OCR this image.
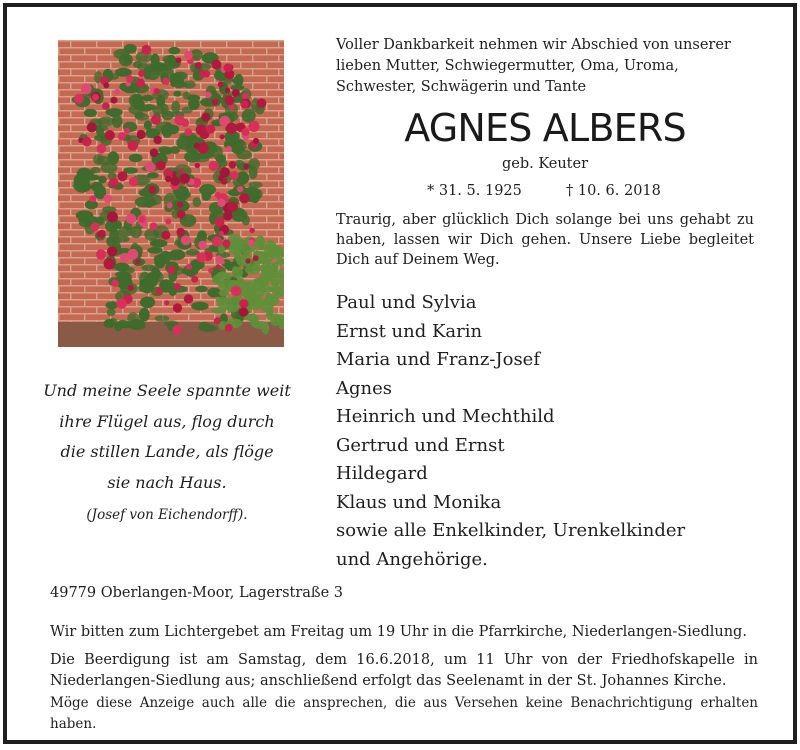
Und meine Seele spannte weit
ihre Flügel aus, flog durch
die stillen Lande, als flöge
sie nach Haus.
(Josef von Eichendorff).
Voller Dankbarkeit nehmen wir Abschied von unserer lieben Mutter, Schwiegermutter, Oma, Uroma, Schwester, Schwägerin und Tante
AGNES ALBERS
geb. Keuter
* 31. 5. 1925	† 10. 6. 2018
Traurig, aber glücklich Dich solange bei uns gehabt zu haben, lassen wir Dich gehen. Unsere Liebe begleitet Dich auf Deinem Weg.
Paul und Sylvia
Ernst und Karin
Maria und Franz-Josef
Agnes
Heinrich und Mechthild
Gertrud und Ernst
Hildegard
Klaus und Monika
sowie alle Enkelkinder, Urenkelkinder
und Angehörige.
49779 Oberlangen-Moor, Lagerstraße 3
Wir bitten zum Lichtergebet am Freitag um 19 Uhr in die Pfarrkirche, Niederlangen-Siedlung.
Die Beerdigung ist am Samstag, dem 16.6.2018, um 11 Uhr von der Friedhofskapelle in Niederlangen-Siedlung aus; anschließend erfolgt das Seelenamt in der St. Johannes Kirche.
Möge diese Anzeige auch alle die ansprechen, die aus Versehen keine Benachrichtigung erhalten haben.
